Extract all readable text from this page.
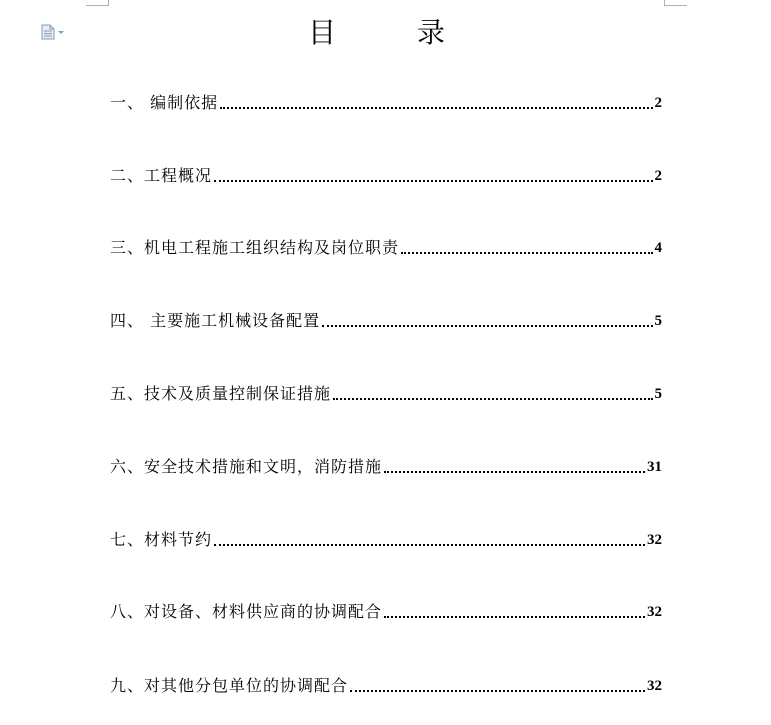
目 录
一、 编制依据	2
二、工程概况	2
三、机电工程施工组织结构及岗位职责	4
四、 主要施工机械设备配置	5
五、技术及质量控制保证措施	5
六、安全技术措施和文明，消防措施	31
七、材料节约	32
八、对设备、材料供应商的协调配合	32
九、对其他分包单位的协调配合	32
